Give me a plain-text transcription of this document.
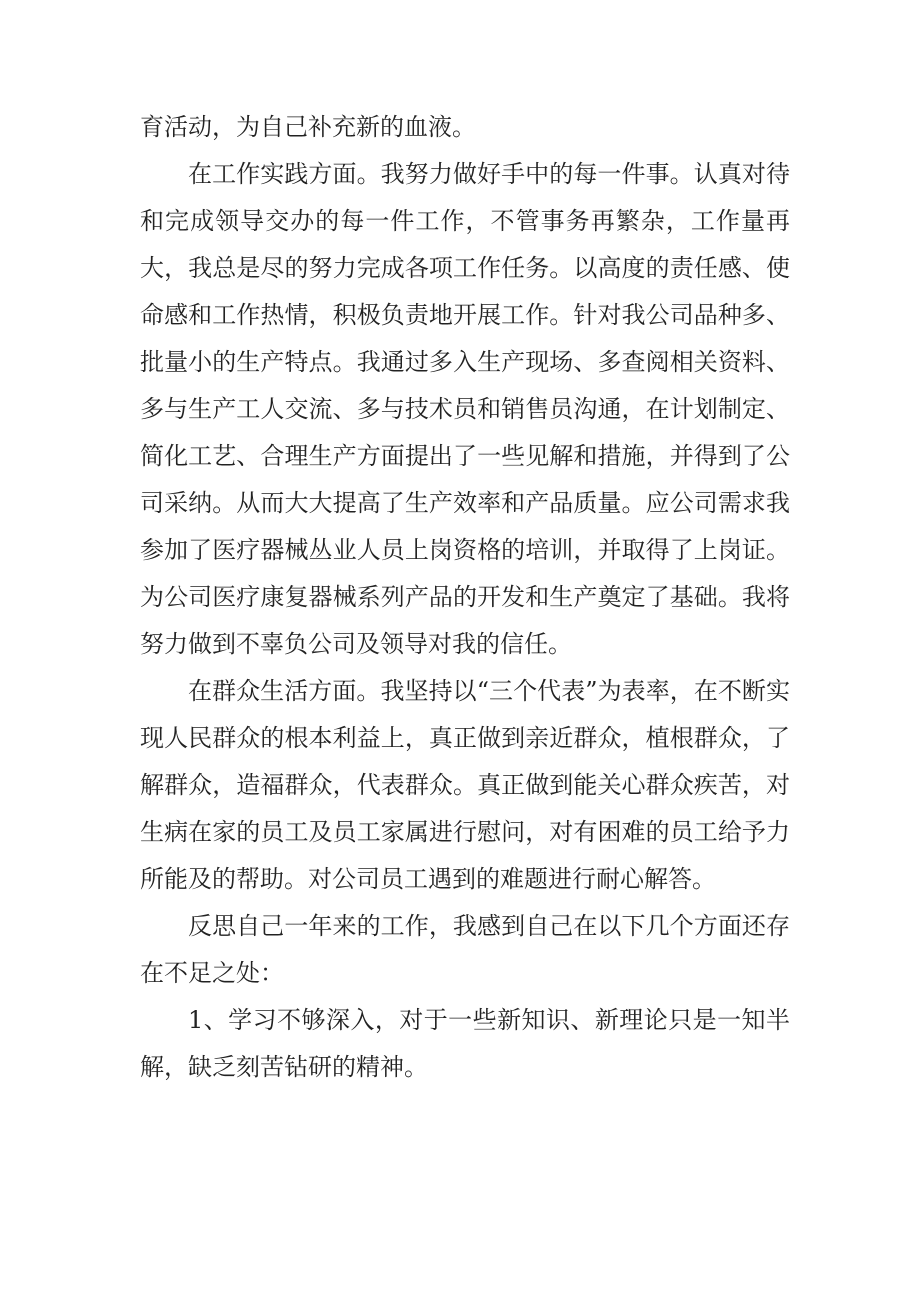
育活动，为自己补充新的血液。

在工作实践方面。我努力做好手中的每一件事。认真对待和完成领导交办的每一件工作，不管事务再繁杂，工作量再大，我总是尽的努力完成各项工作任务。以高度的责任感、使命感和工作热情，积极负责地开展工作。针对我公司品种多、批量小的生产特点。我通过多入生产现场、多查阅相关资料、多与生产工人交流、多与技术员和销售员沟通，在计划制定、简化工艺、合理生产方面提出了一些见解和措施，并得到了公司采纳。从而大大提高了生产效率和产品质量。应公司需求我参加了医疗器械丛业人员上岗资格的培训，并取得了上岗证。为公司医疗康复器械系列产品的开发和生产奠定了基础。我将努力做到不辜负公司及领导对我的信任。

在群众生活方面。我坚持以“三个代表”为表率，在不断实现人民群众的根本利益上，真正做到亲近群众，植根群众，了解群众，造福群众，代表群众。真正做到能关心群众疾苦，对生病在家的员工及员工家属进行慰问，对有困难的员工给予力所能及的帮助。对公司员工遇到的难题进行耐心解答。

反思自己一年来的工作，我感到自己在以下几个方面还存在不足之处：

1、学习不够深入，对于一些新知识、新理论只是一知半解，缺乏刻苦钻研的精神。
